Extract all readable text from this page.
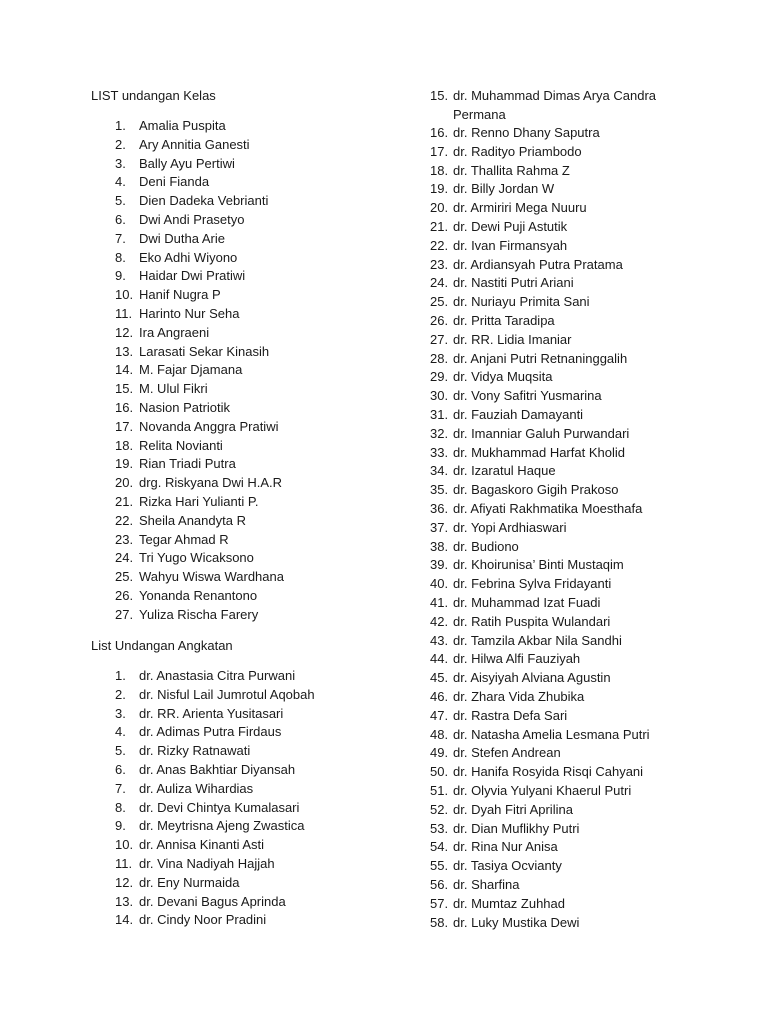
LIST undangan Kelas
1. Amalia Puspita
2. Ary Annitia Ganesti
3. Bally Ayu Pertiwi
4. Deni Fianda
5. Dien Dadeka Vebrianti
6. Dwi Andi Prasetyo
7. Dwi Dutha Arie
8. Eko Adhi Wiyono
9. Haidar Dwi Pratiwi
10. Hanif Nugra P
11. Harinto Nur Seha
12. Ira Angraeni
13. Larasati Sekar Kinasih
14. M. Fajar Djamana
15. M. Ulul Fikri
16. Nasion Patriotik
17. Novanda Anggra Pratiwi
18. Relita Novianti
19. Rian Triadi Putra
20. drg. Riskyana Dwi H.A.R
21. Rizka Hari Yulianti P.
22. Sheila Anandyta R
23. Tegar Ahmad R
24. Tri Yugo Wicaksono
25. Wahyu Wiswa Wardhana
26. Yonanda Renantono
27. Yuliza Rischa Farery
List Undangan Angkatan
1. dr. Anastasia Citra Purwani
2. dr. Nisful Lail Jumrotul Aqobah
3. dr. RR. Arienta Yusitasari
4. dr. Adimas Putra Firdaus
5. dr. Rizky Ratnawati
6. dr. Anas Bakhtiar Diyansah
7. dr. Auliza Wihardias
8. dr. Devi Chintya Kumalasari
9. dr. Meytrisna Ajeng Zwastica
10. dr. Annisa Kinanti Asti
11. dr. Vina Nadiyah Hajjah
12. dr. Eny Nurmaida
13. dr. Devani Bagus Aprinda
14. dr. Cindy Noor Pradini
15. dr. Muhammad Dimas Arya Candra
Permana
16. dr. Renno Dhany Saputra
17. dr. Radityo Priambodo
18. dr. Thallita Rahma Z
19. dr. Billy Jordan W
20. dr. Armiriri Mega Nuuru
21. dr. Dewi Puji Astutik
22. dr. Ivan Firmansyah
23. dr. Ardiansyah Putra Pratama
24. dr. Nastiti Putri Ariani
25. dr. Nuriayu Primita Sani
26. dr. Pritta Taradipa
27. dr. RR. Lidia Imaniar
28. dr. Anjani Putri Retnaninggalih
29. dr. Vidya Muqsita
30. dr. Vony Safitri Yusmarina
31. dr. Fauziah Damayanti
32. dr. Imanniar Galuh Purwandari
33. dr. Mukhammad Harfat Kholid
34. dr. Izaratul Haque
35. dr. Bagaskoro Gigih Prakoso
36. dr. Afiyati Rakhmatika Moesthafa
37. dr. Yopi Ardhiaswari
38. dr. Budiono
39. dr. Khoirunisa’ Binti Mustaqim
40. dr. Febrina Sylva Fridayanti
41. dr. Muhammad Izat Fuadi
42. dr. Ratih Puspita Wulandari
43. dr. Tamzila Akbar Nila Sandhi
44. dr. Hilwa Alfi Fauziyah
45. dr. Aisyiyah Alviana Agustin
46. dr. Zhara Vida Zhubika
47. dr. Rastra Defa Sari
48. dr. Natasha Amelia Lesmana Putri
49. dr. Stefen Andrean
50. dr. Hanifa Rosyida Risqi Cahyani
51. dr. Olyvia Yulyani Khaerul Putri
52. dr. Dyah Fitri Aprilina
53. dr. Dian Muflikhy Putri
54. dr. Rina Nur Anisa
55. dr. Tasiya Ocvianty
56. dr. Sharfina
57. dr. Mumtaz Zuhhad
58. dr. Luky Mustika Dewi
